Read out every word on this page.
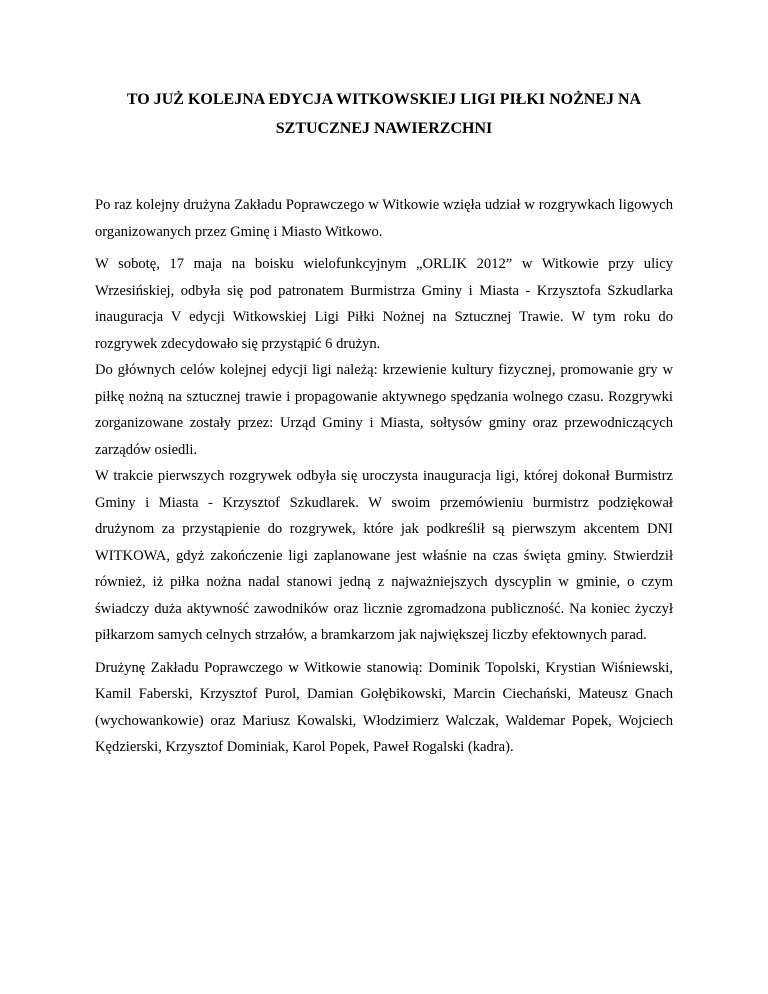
TO JUŻ KOLEJNA EDYCJA WITKOWSKIEJ LIGI PIŁKI NOŻNEJ NA SZTUCZNEJ NAWIERZCHNI

Po raz kolejny drużyna Zakładu Poprawczego w Witkowie wzięła udział w rozgrywkach ligowych organizowanych przez Gminę i Miasto Witkowo.

W sobotę, 17 maja na boisku wielofunkcyjnym „ORLIK 2012” w Witkowie przy ulicy Wrzesińskiej, odbyła się pod patronatem Burmistrza Gminy i Miasta - Krzysztofa Szkudlarka inauguracja V edycji Witkowskiej Ligi Piłki Nożnej na Sztucznej Trawie. W tym roku do rozgrywek zdecydowało się przystąpić 6 drużyn.

Do głównych celów kolejnej edycji ligi należą: krzewienie kultury fizycznej, promowanie gry w piłkę nożną na sztucznej trawie i propagowanie aktywnego spędzania wolnego czasu. Rozgrywki zorganizowane zostały przez: Urząd Gminy i Miasta, sołtysów gminy oraz przewodniczących zarządów osiedli.

W trakcie pierwszych rozgrywek odbyła się uroczysta inauguracja ligi, której dokonał Burmistrz Gminy i Miasta - Krzysztof Szkudlarek. W swoim przemówieniu burmistrz podziękował drużynom za przystąpienie do rozgrywek, które jak podkreślił są pierwszym akcentem DNI WITKOWA, gdyż zakończenie ligi zaplanowane jest właśnie na czas święta gminy. Stwierdził również, iż piłka nożna nadal stanowi jedną z najważniejszych dyscyplin w gminie, o czym świadczy duża aktywność zawodników oraz licznie zgromadzona publiczność. Na koniec życzył piłkarzom samych celnych strzałów, a bramkarzom jak największej liczby efektownych parad.

Drużynę Zakładu Poprawczego w Witkowie stanowią: Dominik Topolski, Krystian Wiśniewski, Kamil Faberski, Krzysztof Purol, Damian Gołębikowski, Marcin Ciechański, Mateusz Gnach (wychowankowie) oraz Mariusz Kowalski, Włodzimierz Walczak, Waldemar Popek, Wojciech Kędzierski, Krzysztof Dominiak, Karol Popek, Paweł Rogalski (kadra).
